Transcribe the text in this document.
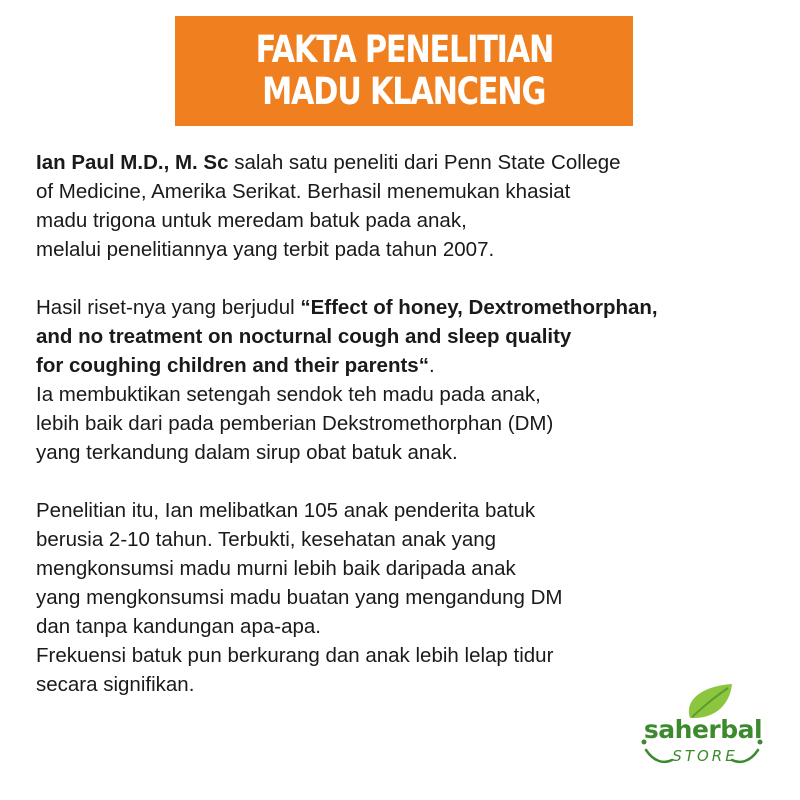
FAKTA PENELITIAN
MADU KLANCENG

Ian Paul M.D., M. Sc salah satu peneliti dari Penn State College
of Medicine, Amerika Serikat. Berhasil menemukan khasiat
madu trigona untuk meredam batuk pada anak,
melalui penelitiannya yang terbit pada tahun 2007.

Hasil riset-nya yang berjudul “Effect of honey, Dextromethorphan,
and no treatment on nocturnal cough and sleep quality
for coughing children and their parents“.
Ia membuktikan setengah sendok teh madu pada anak,
lebih baik dari pada pemberian Dekstromethorphan (DM)
yang terkandung dalam sirup obat batuk anak.

Penelitian itu, Ian melibatkan 105 anak penderita batuk
berusia 2-10 tahun. Terbukti, kesehatan anak yang
mengkonsumsi madu murni lebih baik daripada anak
yang mengkonsumsi madu buatan yang mengandung DM
dan tanpa kandungan apa-apa.
Frekuensi batuk pun berkurang dan anak lebih lelap tidur
secara signifikan.

saherbal
STORE
